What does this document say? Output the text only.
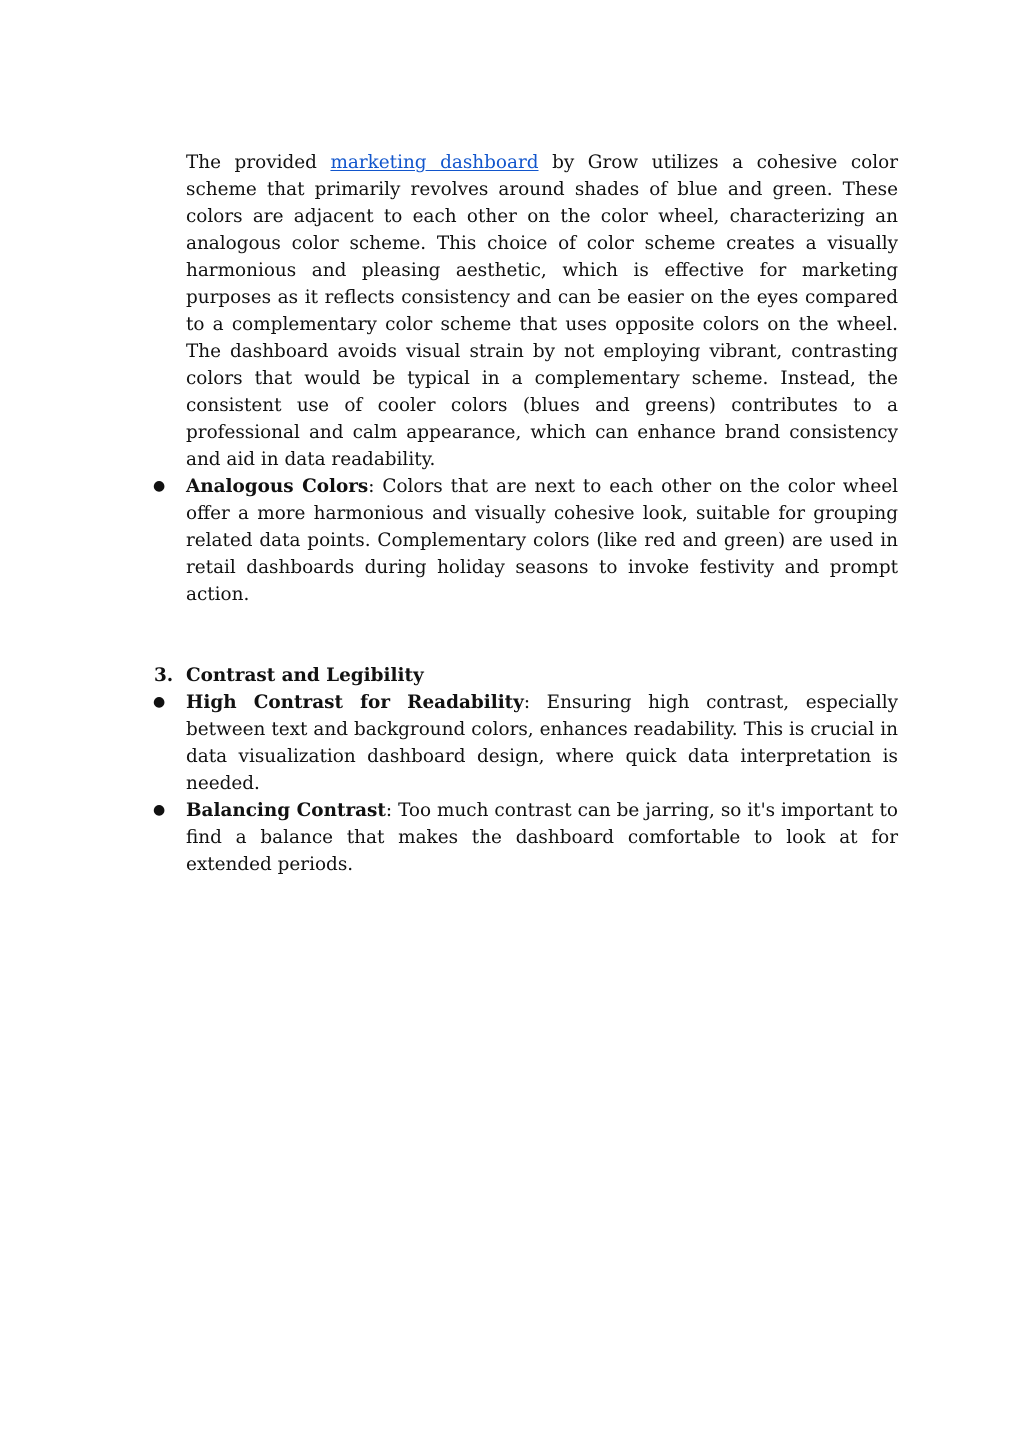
The provided marketing dashboard by Grow utilizes a cohesive color scheme that primarily revolves around shades of blue and green. These colors are adjacent to each other on the color wheel, characterizing an analogous color scheme. This choice of color scheme creates a visually harmonious and pleasing aesthetic, which is effective for marketing purposes as it reflects consistency and can be easier on the eyes compared to a complementary color scheme that uses opposite colors on the wheel. The dashboard avoids visual strain by not employing vibrant, contrasting colors that would be typical in a complementary scheme. Instead, the consistent use of cooler colors (blues and greens) contributes to a professional and calm appearance, which can enhance brand consistency and aid in data readability.

●	Analogous Colors: Colors that are next to each other on the color wheel offer a more harmonious and visually cohesive look, suitable for grouping related data points. Complementary colors (like red and green) are used in retail dashboards during holiday seasons to invoke festivity and prompt action.
3. Contrast and Legibility
●	High Contrast for Readability: Ensuring high contrast, especially between text and background colors, enhances readability. This is crucial in data visualization dashboard design, where quick data interpretation is needed.
●	Balancing Contrast: Too much contrast can be jarring, so it's important to find a balance that makes the dashboard comfortable to look at for extended periods.
